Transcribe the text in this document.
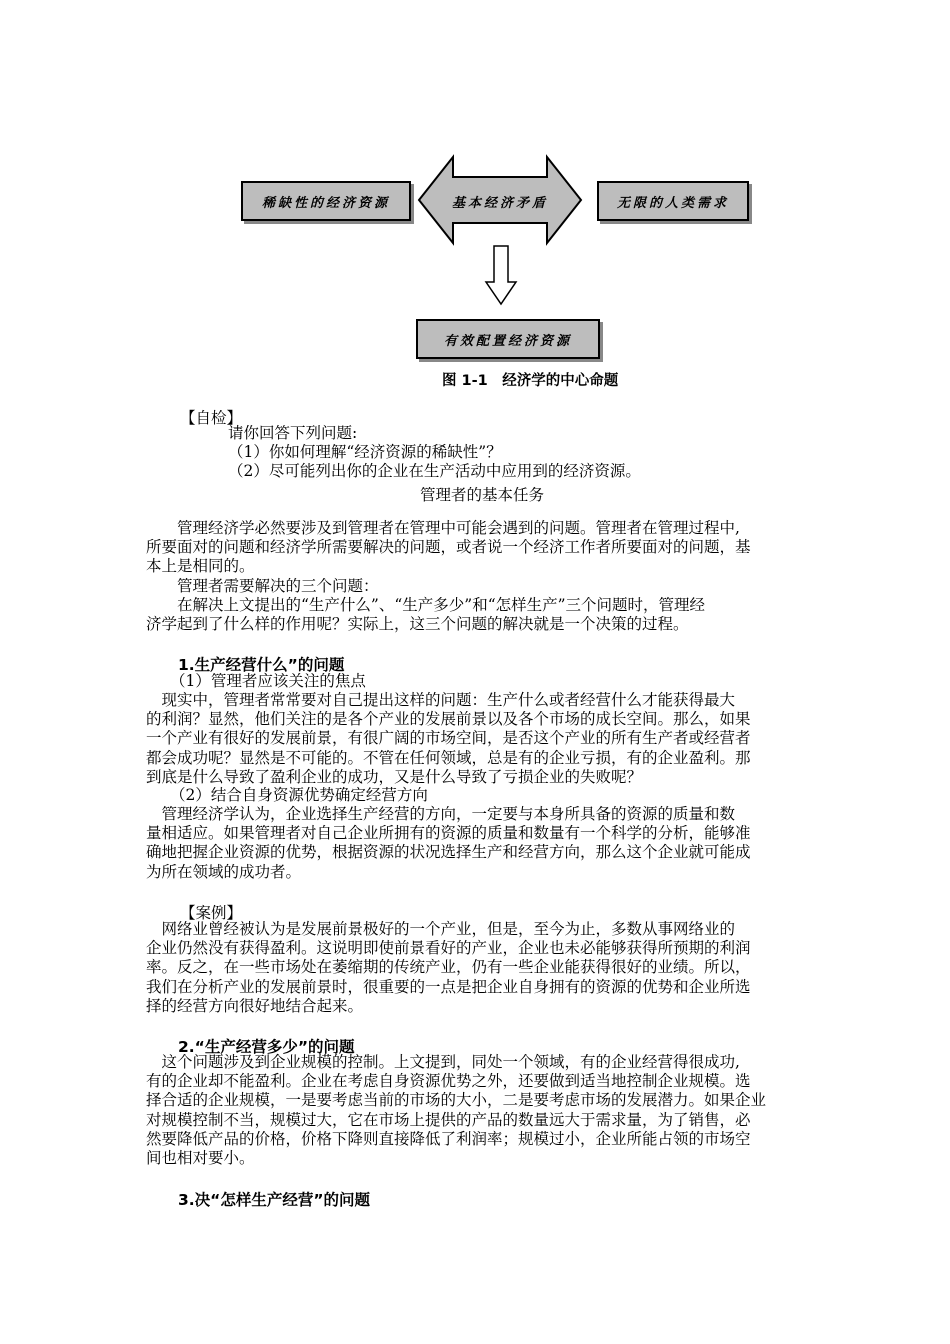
稀缺性的经济资源	基本经济矛盾	无限的人类需求
有效配置经济资源
图 1-1　经济学的中心命题
【自检】
请你回答下列问题:
（1）你如何理解“经济资源的稀缺性”？
（2）尽可能列出你的企业在生产活动中应用到的经济资源。
管理者的基本任务

　　管理经济学必然要涉及到管理者在管理中可能会遇到的问题。管理者在管理过程中,

所要面对的问题和经济学所需要解决的问题，或者说一个经济工作者所要面对的问题，基

本上是相同的。

　　管理者需要解决的三个问题：

　　在解决上文提出的“生产什么”、“生产多少”和“怎样生产”三个问题时，管理经

济学起到了什么样的作用呢？实际上，这三个问题的解决就是一个决策的过程。

1.生产经营什么”的问题
（1）管理者应该关注的焦点

　现实中，管理者常常要对自己提出这样的问题：生产什么或者经营什么才能获得最大

的利润？显然，他们关注的是各个产业的发展前景以及各个市场的成长空间。那么，如果

一个产业有很好的发展前景，有很广阔的市场空间，是否这个产业的所有生产者或经营者

都会成功呢？显然是不可能的。不管在任何领域，总是有的企业亏损，有的企业盈利。那

到底是什么导致了盈利企业的成功，又是什么导致了亏损企业的失败呢？

（2）结合自身资源优势确定经营方向

　管理经济学认为，企业选择生产经营的方向，一定要与本身所具备的资源的质量和数

量相适应。如果管理者对自己企业所拥有的资源的质量和数量有一个科学的分析，能够准

确地把握企业资源的优势，根据资源的状况选择生产和经营方向，那么这个企业就可能成

为所在领域的成功者。

【案例】

　网络业曾经被认为是发展前景极好的一个产业，但是，至今为止，多数从事网络业的

企业仍然没有获得盈利。这说明即使前景看好的产业，企业也未必能够获得所预期的利润

率。反之，在一些市场处在萎缩期的传统产业，仍有一些企业能获得很好的业绩。所以，

我们在分析产业的发展前景时，很重要的一点是把企业自身拥有的资源的优势和企业所选

择的经营方向很好地结合起来。

2.“生产经营多少”的问题

　这个问题涉及到企业规模的控制。上文提到，同处一个领域，有的企业经营得很成功,

有的企业却不能盈利。企业在考虑自身资源优势之外，还要做到适当地控制企业规模。选

择合适的企业规模，一是要考虑当前的市场的大小，二是要考虑市场的发展潜力。如果企业

对规模控制不当，规模过大，它在市场上提供的产品的数量远大于需求量，为了销售，必

然要降低产品的价格，价格下降则直接降低了利润率；规模过小，企业所能占领的市场空

间也相对要小。

3.决“怎样生产经营”的问题
